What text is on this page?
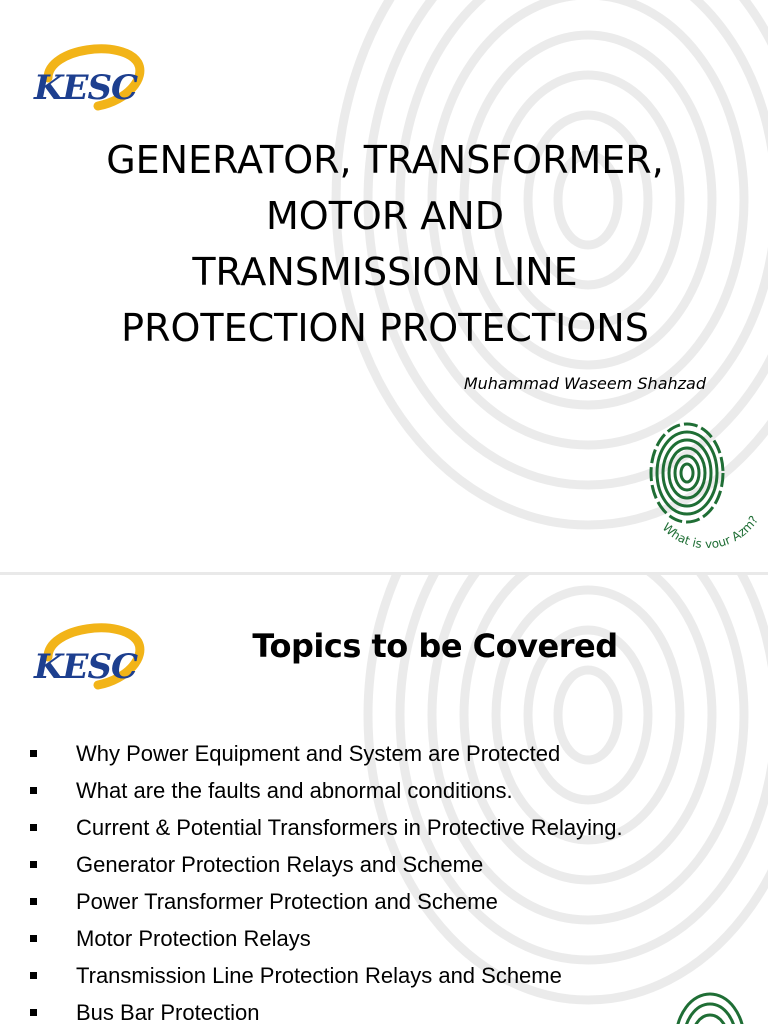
KESC
GENERATOR, TRANSFORMER,
MOTOR AND
TRANSMISSION LINE
PROTECTION PROTECTIONS
Muhammad Waseem Shahzad
What is your Azm?
KESC
Topics to be Covered
Why Power Equipment and System are Protected
What are the faults and abnormal conditions.
Current & Potential Transformers in Protective Relaying.
Generator Protection Relays and Scheme
Power Transformer Protection and Scheme
Motor Protection Relays
Transmission Line Protection Relays and Scheme
Bus Bar Protection
